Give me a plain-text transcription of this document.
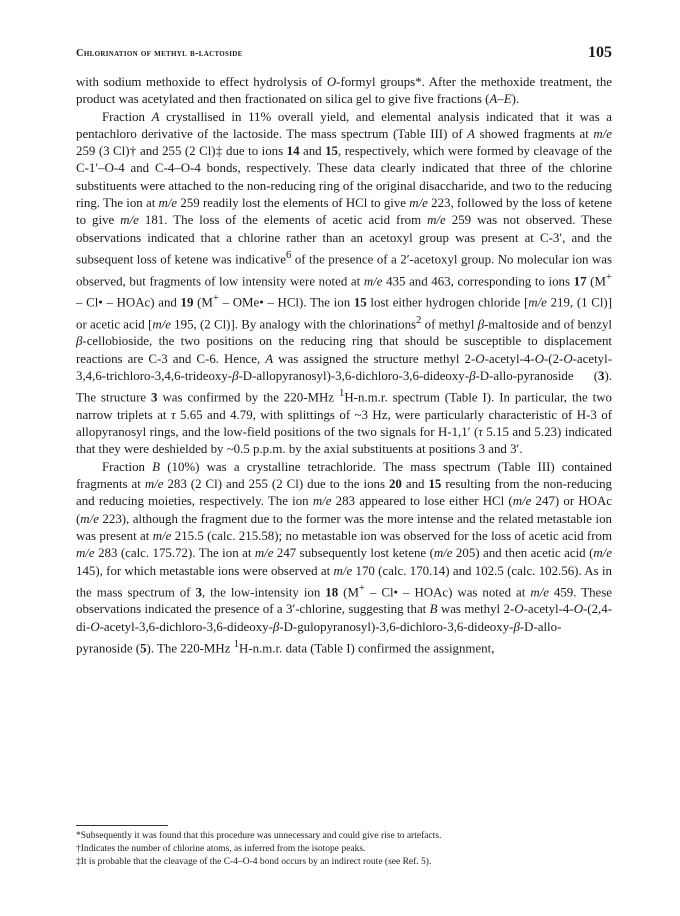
Chlorination of methyl β-lactoside	105

with sodium methoxide to effect hydrolysis of O-formyl groups*. After the methoxide treatment, the product was acetylated and then fractionated on silica gel to give five fractions (A–E).

Fraction A crystallised in 11% overall yield, and elemental analysis indicated that it was a pentachloro derivative of the lactoside. The mass spectrum (Table III) of A showed fragments at m/e 259 (3 Cl)† and 255 (2 Cl)‡ due to ions 14 and 15, respectively, which were formed by cleavage of the C-1′–O-4 and C-4–O-4 bonds, respectively. These data clearly indicated that three of the chlorine substituents were attached to the non-reducing ring of the original disaccharide, and two to the reducing ring. The ion at m/e 259 readily lost the elements of HCl to give m/e 223, followed by the loss of ketene to give m/e 181. The loss of the elements of acetic acid from m/e 259 was not observed. These observations indicated that a chlorine rather than an acetoxyl group was present at C-3′, and the subsequent loss of ketene was indicative$^6$ of the presence of a 2′-acetoxyl group. No molecular ion was observed, but fragments of low intensity were noted at m/e 435 and 463, corresponding to ions 17 (M+ – Cl• – HOAc) and 19 (M+ – OMe• – HCl). The ion 15 lost either hydrogen chloride [m/e 219, (1 Cl)] or acetic acid [m/e 195, (2 Cl)]. By analogy with the chlorinations$^2$ of methyl β-maltoside and of benzyl β-cellobioside, the two positions on the reducing ring that should be susceptible to displacement reactions are C-3 and C-6. Hence, A was assigned the structure methyl 2-O-acetyl-4-O-(2-O-acetyl-3,4,6-trichloro-3,4,6-trideoxy-β-D-allopyranosyl)-3,6-dichloro-3,6-dideoxy-β-D-allo-pyranoside (3). The structure 3 was confirmed by the 220-MHz $^1$H-n.m.r. spectrum (Table I). In particular, the two narrow triplets at τ 5.65 and 4.79, with splittings of ~3 Hz, were particularly characteristic of H-3 of allopyranosyl rings, and the low-field positions of the two signals for H-1,1′ (τ 5.15 and 5.23) indicated that they were deshielded by ~0.5 p.p.m. by the axial substituents at positions 3 and 3′.

Fraction B (10%) was a crystalline tetrachloride. The mass spectrum (Table III) contained fragments at m/e 283 (2 Cl) and 255 (2 Cl) due to the ions 20 and 15 resulting from the non-reducing and reducing moieties, respectively. The ion m/e 283 appeared to lose either HCl (m/e 247) or HOAc (m/e 223), although the fragment due to the former was the more intense and the related metastable ion was present at m/e 215.5 (calc. 215.58); no metastable ion was observed for the loss of acetic acid from m/e 283 (calc. 175.72). The ion at m/e 247 subsequently lost ketene (m/e 205) and then acetic acid (m/e 145), for which metastable ions were observed at m/e 170 (calc. 170.14) and 102.5 (calc. 102.56). As in the mass spectrum of 3, the low-intensity ion 18 (M+ – Cl• – HOAc) was noted at m/e 459. These observations indicated the presence of a 3′-chlorine, suggesting that B was methyl 2-O-acetyl-4-O-(2,4-di-O-acetyl-3,6-dichloro-3,6-dideoxy-β-D-gulopyranosyl)-3,6-dichloro-3,6-dideoxy-β-D-allo-pyranoside (5). The 220-MHz $^1$H-n.m.r. data (Table I) confirmed the assignment,

*Subsequently it was found that this procedure was unnecessary and could give rise to artefacts.
†Indicates the number of chlorine atoms, as inferred from the isotope peaks.
‡It is probable that the cleavage of the C-4–O-4 bond occurs by an indirect route (see Ref. 5).
